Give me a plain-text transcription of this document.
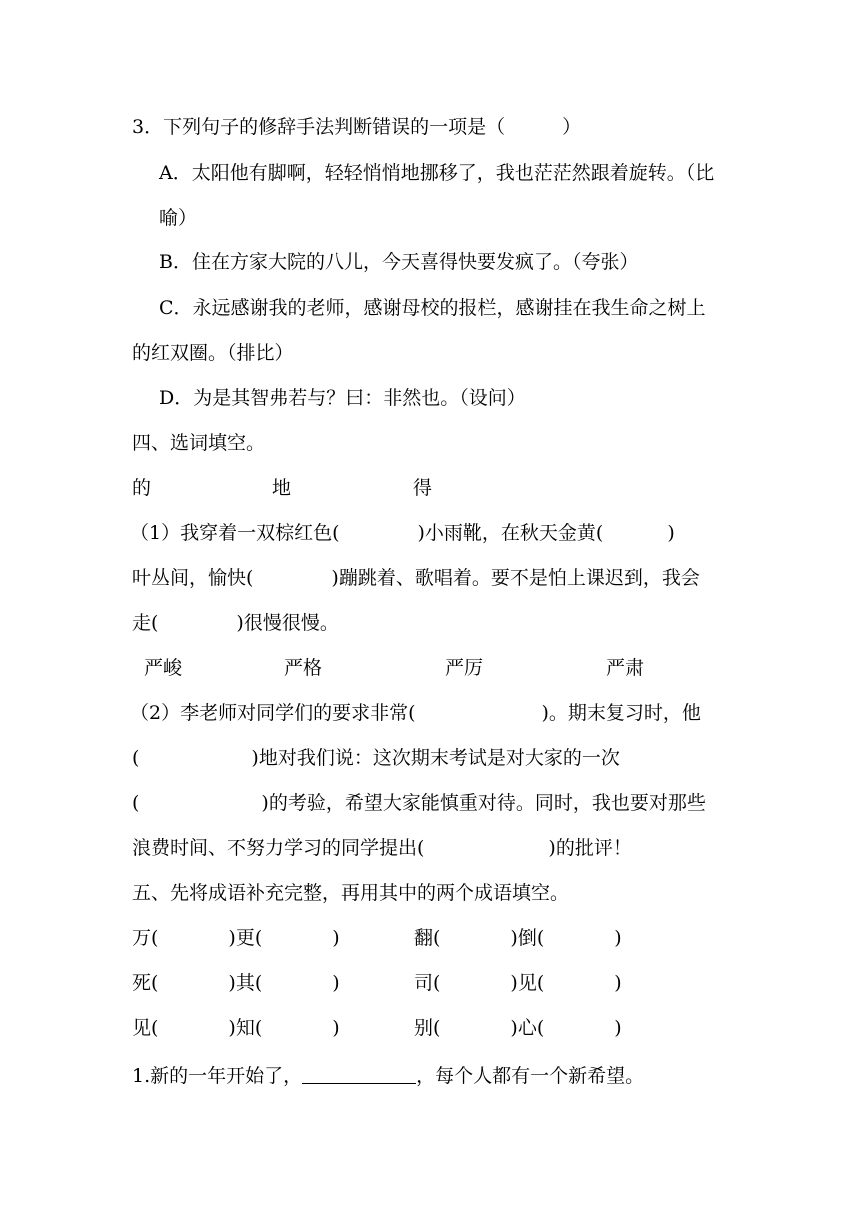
3．下列句子的修辞手法判断错误的一项是（　　　）
A．太阳他有脚啊，轻轻悄悄地挪移了，我也茫茫然跟着旋转。（比
喻）
B．住在方家大院的八儿，今天喜得快要发疯了。（夸张）
C．永远感谢我的老师，感谢母校的报栏，感谢挂在我生命之树上
的红双圈。（排比）
D．为是其智弗若与？曰：非然也。（设问）
四、选词填空。
的	地	得
（1）我穿着一双棕红色(	)小雨靴，在秋天金黄(	)
叶丛间，愉快(	)蹦跳着、歌唱着。要不是怕上课迟到，我会
走(	)很慢很慢。
严峻	严格	严厉	严肃
（2）李老师对同学们的要求非常(	)。期末复习时，他
(	)地对我们说：这次期末考试是对大家的一次
(	)的考验，希望大家能慎重对待。同时，我也要对那些
浪费时间、不努力学习的同学提出(	)的批评！
五、先将成语补充完整，再用其中的两个成语填空。
万(	)更(	)	翻(	)倒(	)
死(	)其(	)	司(	)见(	)
见(	)知(	)	别(	)心(	)
1.新的一年开始了，	，每个人都有一个新希望。
